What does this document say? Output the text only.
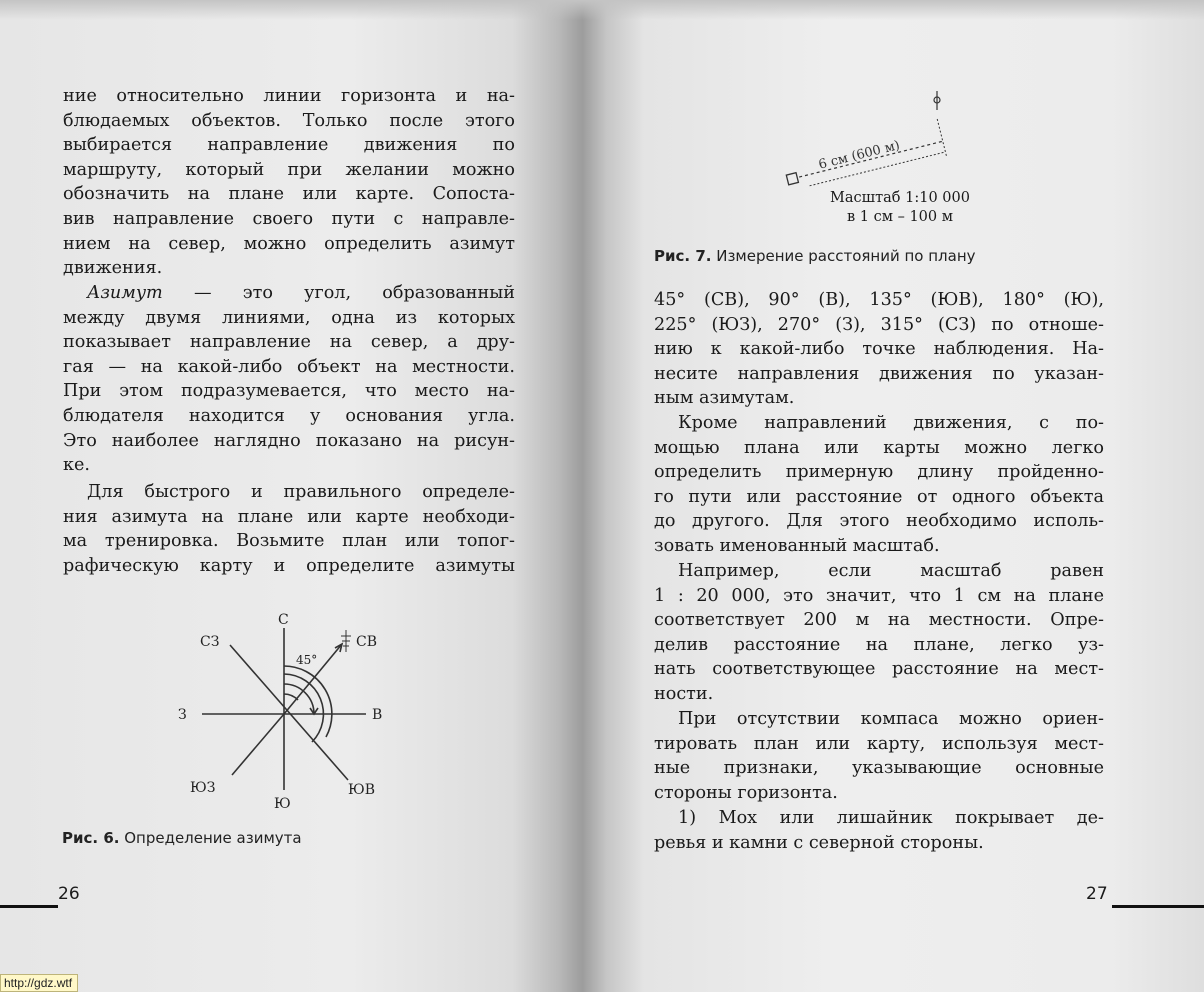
ние относительно линии горизонта и на-
блюдаемых объектов. Только после этого
выбирается направление движения по
маршруту, который при желании можно
обозначить на плане или карте. Сопоста-
вив направление своего пути с направле-
нием на север, можно определить азимут
движения.
Азимут — это угол, образованный
между двумя линиями, одна из которых
показывает направление на север, а дру-
гая — на какой-либо объект на местности.
При этом подразумевается, что место на-
блюдателя находится у основания угла.
Это наиболее наглядно показано на рисун-
ке.
Для быстрого и правильного определе-
ния азимута на плане или карте необходи-
ма тренировка. Возьмите план или топог-
рафическую карту и определите азимуты
С
СВ
В
ЮВ
Ю
ЮЗ
З
СЗ
45°
Рис. 6. Определение азимута
26
6 см (600 м)
Масштаб 1:10 000
в 1 см – 100 м
Рис. 7. Измерение расстояний по плану
45° (СВ), 90° (В), 135° (ЮВ), 180° (Ю),
225° (ЮЗ), 270° (З), 315° (СЗ) по отноше-
нию к какой-либо точке наблюдения. На-
несите направления движения по указан-
ным азимутам.
Кроме направлений движения, с по-
мощью плана или карты можно легко
определить примерную длину пройденно-
го пути или расстояние от одного объекта
до другого. Для этого необходимо исполь-
зовать именованный масштаб.
Например, если масштаб равен
1 : 20 000, это значит, что 1 см на плане
соответствует 200 м на местности. Опре-
делив расстояние на плане, легко уз-
нать соответствующее расстояние на мест-
ности.
При отсутствии компаса можно ориен-
тировать план или карту, используя мест-
ные признаки, указывающие основные
стороны горизонта.
1) Мох или лишайник покрывает де-
ревья и камни с северной стороны.
27
http://gdz.wtf
